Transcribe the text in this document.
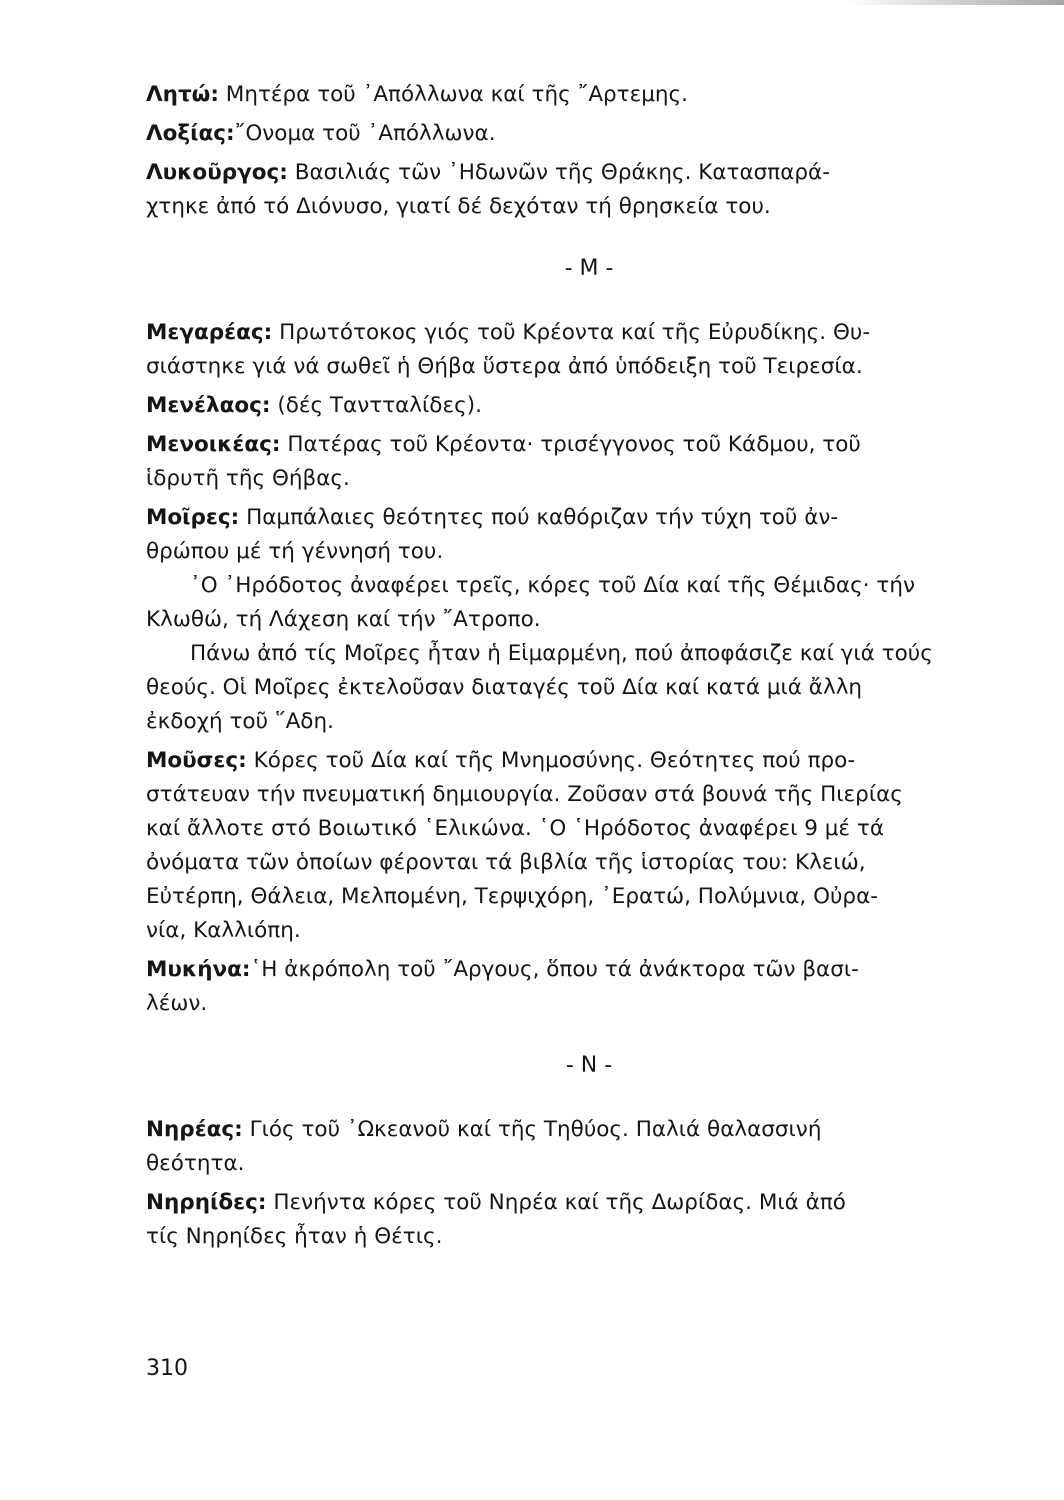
Λητώ: Μητέρα τοῦ ᾿Απόλλωνα καί τῆς ῎Αρτεμης.
Λοξίας:῎Ονομα τοῦ ᾿Απόλλωνα.
Λυκοῦργος: Βασιλιάς τῶν ᾿Ηδωνῶν τῆς Θράκης. Κατασπαρά-
χτηκε ἀπό τό Διόνυσο, γιατί δέ δεχόταν τή θρησκεία του.
- Μ -
Μεγαρέας: Πρωτότοκος γιός τοῦ Κρέοντα καί τῆς Εὐρυδίκης. Θυ-
σιάστηκε γιά νά σωθεῖ ἡ Θήβα ὕστερα ἀπό ὑπόδειξη τοῦ Τειρεσία.
Μενέλαος: (δές Ταντταλίδες).
Μενοικέας: Πατέρας τοῦ Κρέοντα· τρισέγγονος τοῦ Κάδμου, τοῦ
ἱδρυτῆ τῆς Θήβας.
Μοῖρες: Παμπάλαιες θεότητες πού καθόριζαν τήν τύχη τοῦ ἀν-
θρώπου μέ τή γέννησή του.
᾿Ο ᾿Ηρόδοτος ἀναφέρει τρεῖς, κόρες τοῦ Δία καί τῆς Θέμιδας· τήν
Κλωθώ, τή Λάχεση καί τήν ῎Ατροπο.
Πάνω ἀπό τίς Μοῖρες ἦταν ἡ Εἱμαρμένη, πού ἀποφάσιζε καί γιά τούς
θεούς. Οἱ Μοῖρες ἐκτελοῦσαν διαταγές τοῦ Δία καί κατά μιά ἄλλη
ἐκδοχή τοῦ ῞Αδη.
Μοῦσες: Κόρες τοῦ Δία καί τῆς Μνημοσύνης. Θεότητες πού προ-
στάτευαν τήν πνευματική δημιουργία. Ζοῦσαν στά βουνά τῆς Πιερίας
καί ἄλλοτε στό Βοιωτικό ῾Ελικώνα. ῾Ο ῾Ηρόδοτος ἀναφέρει 9 μέ τά
ὀνόματα τῶν ὁποίων φέρονται τά βιβλία τῆς ἱστορίας του: Κλειώ,
Εὐτέρπη, Θάλεια, Μελπομένη, Τερψιχόρη, ᾿Ερατώ, Πολύμνια, Οὐρα-
νία, Καλλιόπη.
Μυκήνα:῾Η ἀκρόπολη τοῦ ῎Αργους, ὅπου τά ἀνάκτορα τῶν βασι-
λέων.
- Ν -
Νηρέας: Γιός τοῦ ᾿Ωκεανοῦ καί τῆς Τηθύος. Παλιά θαλασσινή
θεότητα.
Νηρηίδες: Πενήντα κόρες τοῦ Νηρέα καί τῆς Δωρίδας. Μιά ἀπό
τίς Νηρηίδες ἦταν ἡ Θέτις.
310
